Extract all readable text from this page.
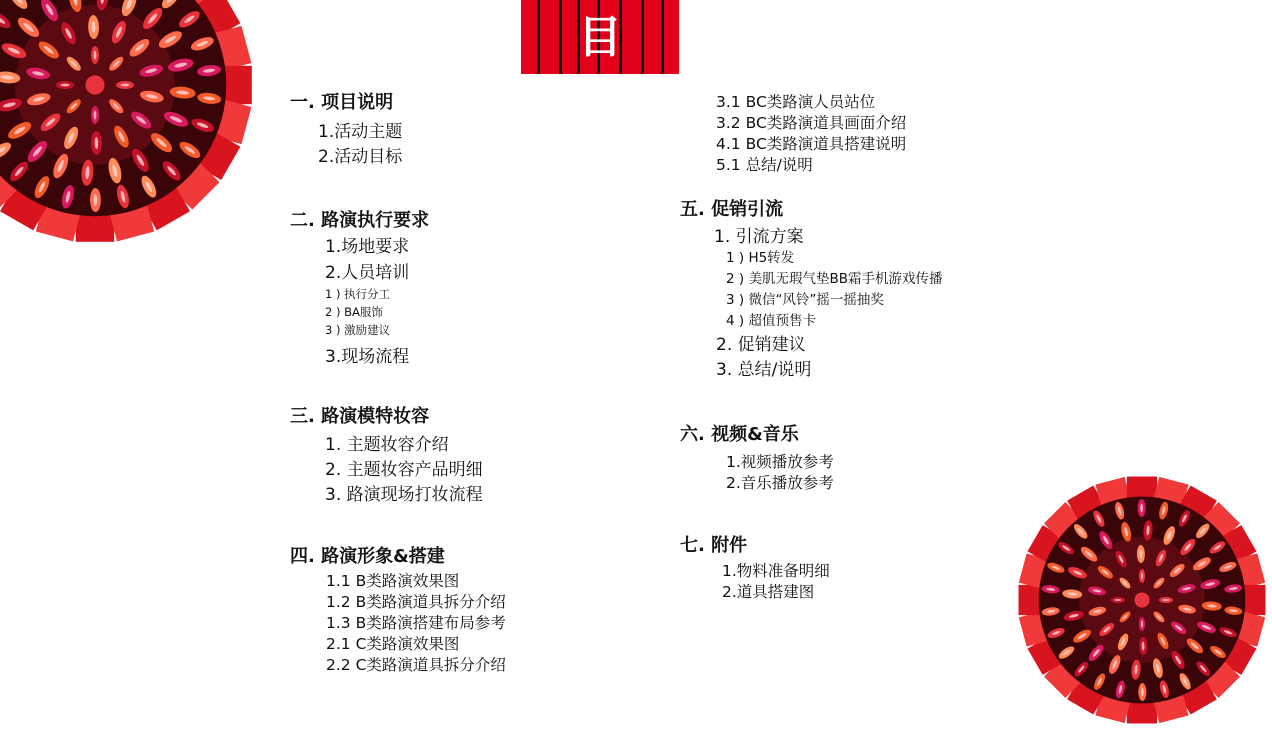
目 录
一. 项目说明
1.活动主题
2.活动目标
二. 路演执行要求
1.场地要求
2.人员培训
1 ) 执行分工
2 ) BA服饰
3 ) 激励建议
3.现场流程
三. 路演模特妆容
1. 主题妆容介绍
2. 主题妆容产品明细
3. 路演现场打妆流程
四. 路演形象&搭建
1.1 B类路演效果图
1.2 B类路演道具拆分介绍
1.3 B类路演搭建布局参考
2.1 C类路演效果图
2.2 C类路演道具拆分介绍
3.1 BC类路演人员站位
3.2 BC类路演道具画面介绍
4.1 BC类路演道具搭建说明
5.1 总结/说明
五. 促销引流
1. 引流方案
1 ) H5转发
2 ) 美肌无瑕气垫BB霜手机游戏传播
3 ) 微信“风铃”摇一摇抽奖
4 ) 超值预售卡
2. 促销建议
3. 总结/说明
六. 视频&音乐
1.视频播放参考
2.音乐播放参考
七. 附件
1.物料准备明细
2.道具搭建图
